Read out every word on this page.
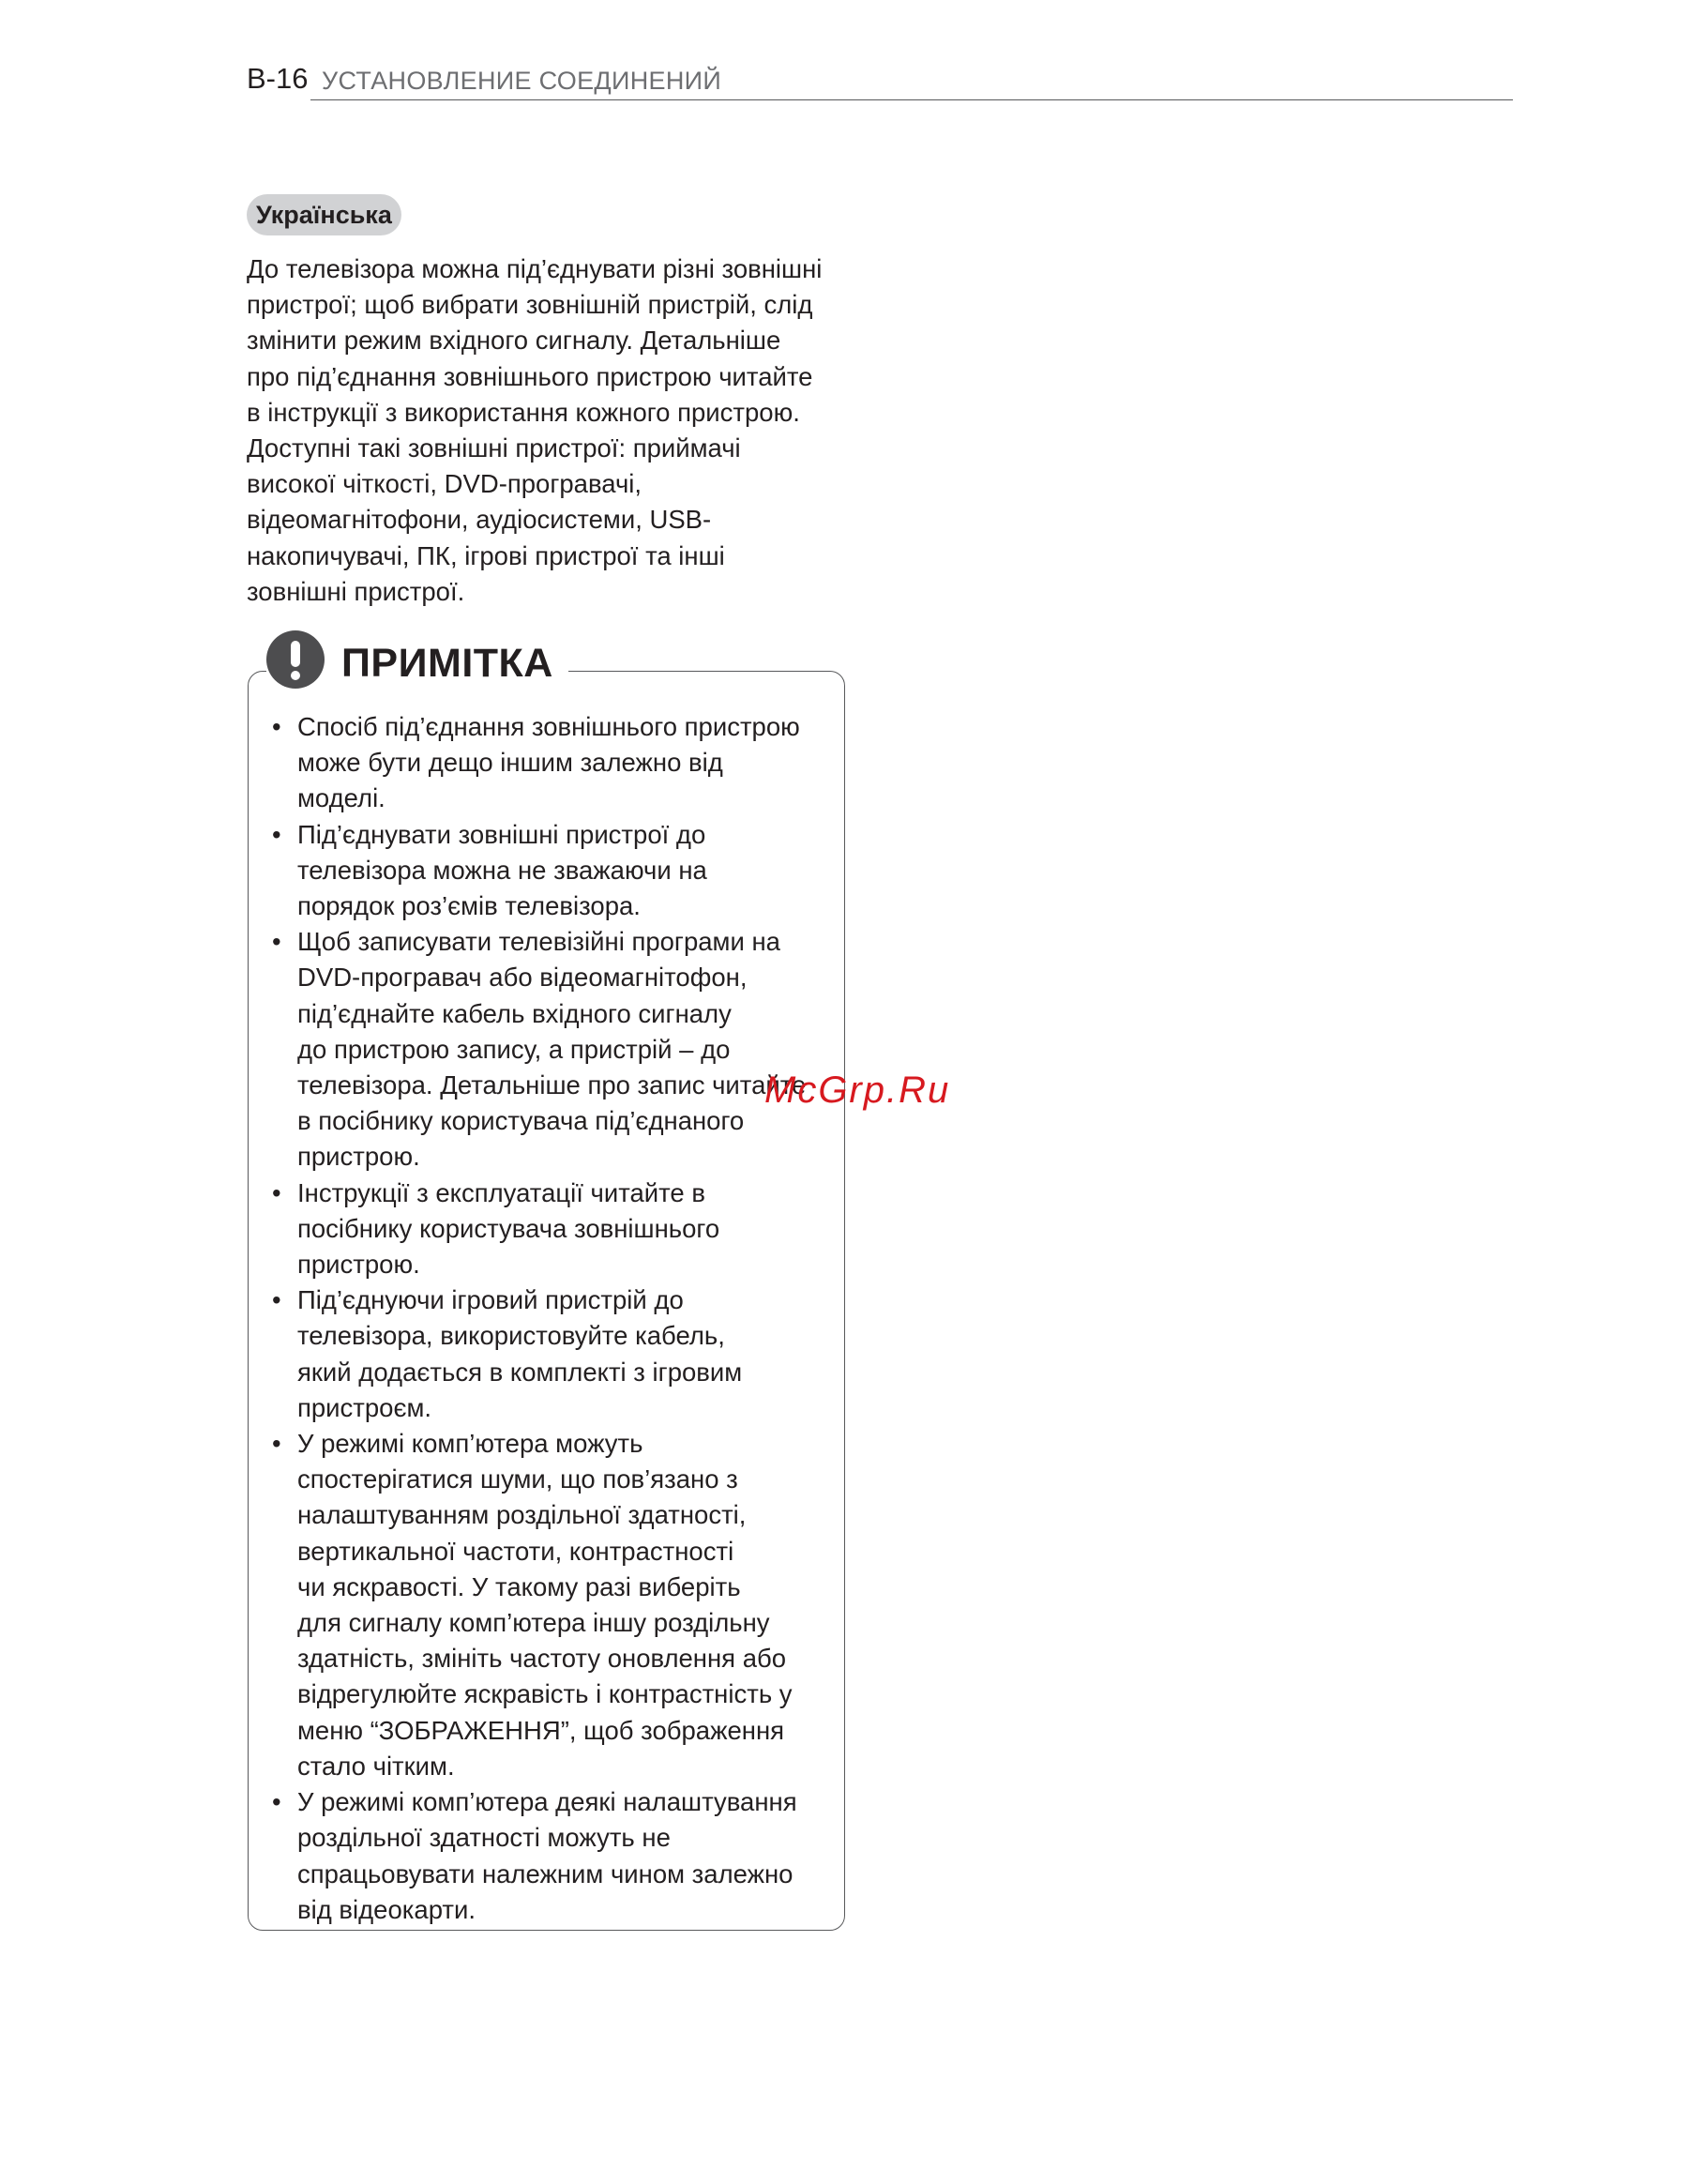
В-16 УСТАНОВЛЕНИЕ СОЕДИНЕНИЙ
Українська

До телевізора можна під’єднувати різні зовнішні
пристрої; щоб вибрати зовнішній пристрій, слід
змінити режим вхідного сигналу. Детальніше
про під’єднання зовнішнього пристрою читайте
в інструкції з використання кожного пристрою.
Доступні такі зовнішні пристрої: приймачі
високої чіткості, DVD-програвачі,
відеомагнітофони, аудіосистеми, USB-
накопичувачі, ПК, ігрові пристрої та інші
зовнішні пристрої.

ПРИМІТКА
• Спосіб під’єднання зовнішнього пристрою
може бути дещо іншим залежно від
моделі.
• Під’єднувати зовнішні пристрої до
телевізора можна не зважаючи на
порядок роз’ємів телевізора.
• Щоб записувати телевізійні програми на
DVD-програвач або відеомагнітофон,
під’єднайте кабель вхідного сигналу
до пристрою запису, а пристрій – до
телевізора. Детальніше про запис читайте
в посібнику користувача під’єднаного
пристрою.
• Інструкції з експлуатації читайте в
посібнику користувача зовнішнього
пристрою.
• Під’єднуючи ігровий пристрій до
телевізора, використовуйте кабель,
який додається в комплекті з ігровим
пристроєм.
• У режимі комп’ютера можуть
спостерігатися шуми, що пов’язано з
налаштуванням роздільної здатності,
вертикальної частоти, контрастності
чи яскравості. У такому разі виберіть
для сигналу комп’ютера іншу роздільну
здатність, змініть частоту оновлення або
відрегулюйте яскравість і контрастність у
меню “ЗОБРАЖЕННЯ”, щоб зображення
стало чітким.
• У режимі комп’ютера деякі налаштування
роздільної здатності можуть не
спрацьовувати належним чином залежно
від відеокарти.
McGrp.Ru
